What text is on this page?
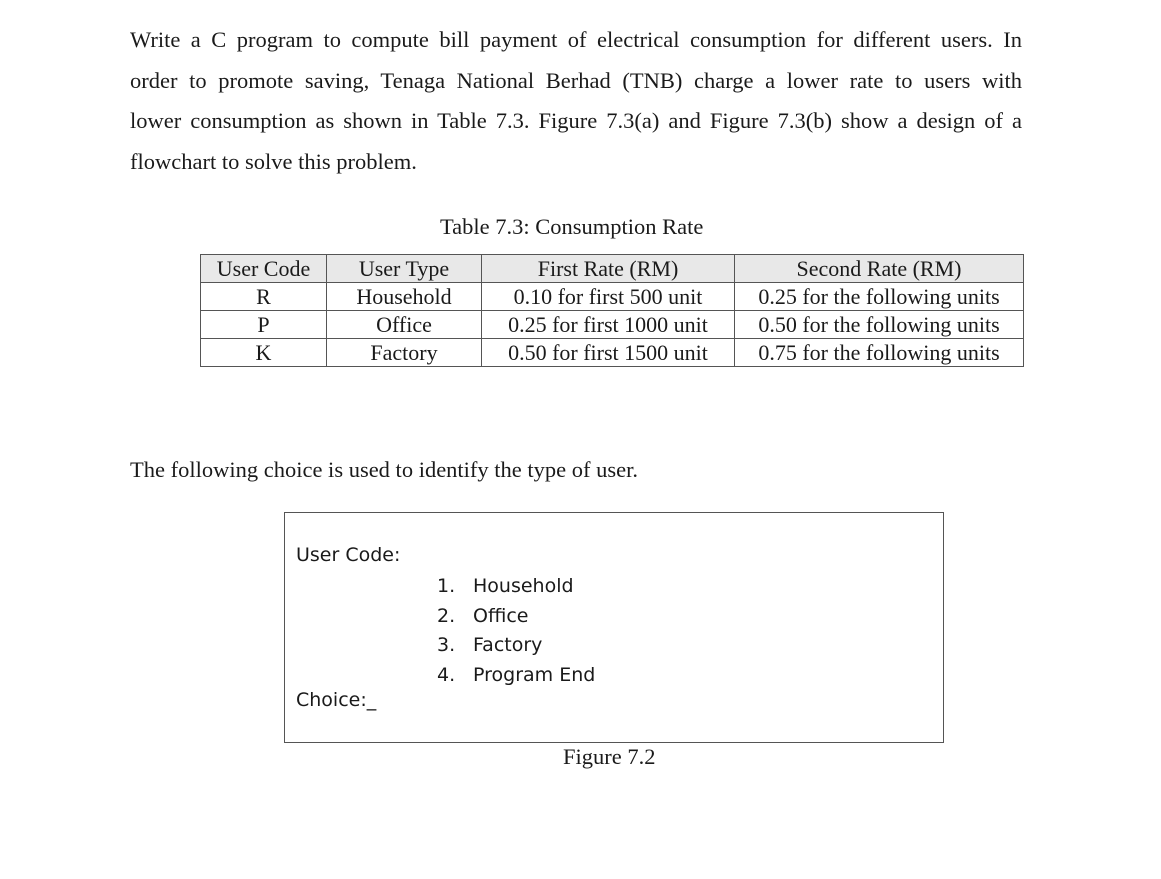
Write a C program to compute bill payment of electrical consumption for different users. In
order to promote saving, Tenaga National Berhad (TNB) charge a lower rate to users with
lower consumption as shown in Table 7.3. Figure 7.3(a) and Figure 7.3(b) show a design of a
flowchart to solve this problem.
Table 7.3: Consumption Rate
User Code	User Type	First Rate (RM)	Second Rate (RM)
R	Household	0.10 for first 500 unit	0.25 for the following units
P	Office	0.25 for first 1000 unit	0.50 for the following units
K	Factory	0.50 for first 1500 unit	0.75 for the following units
The following choice is used to identify the type of user.
User Code:
1. Household
2. Office
3. Factory
4. Program End
Choice:_
Figure 7.2
